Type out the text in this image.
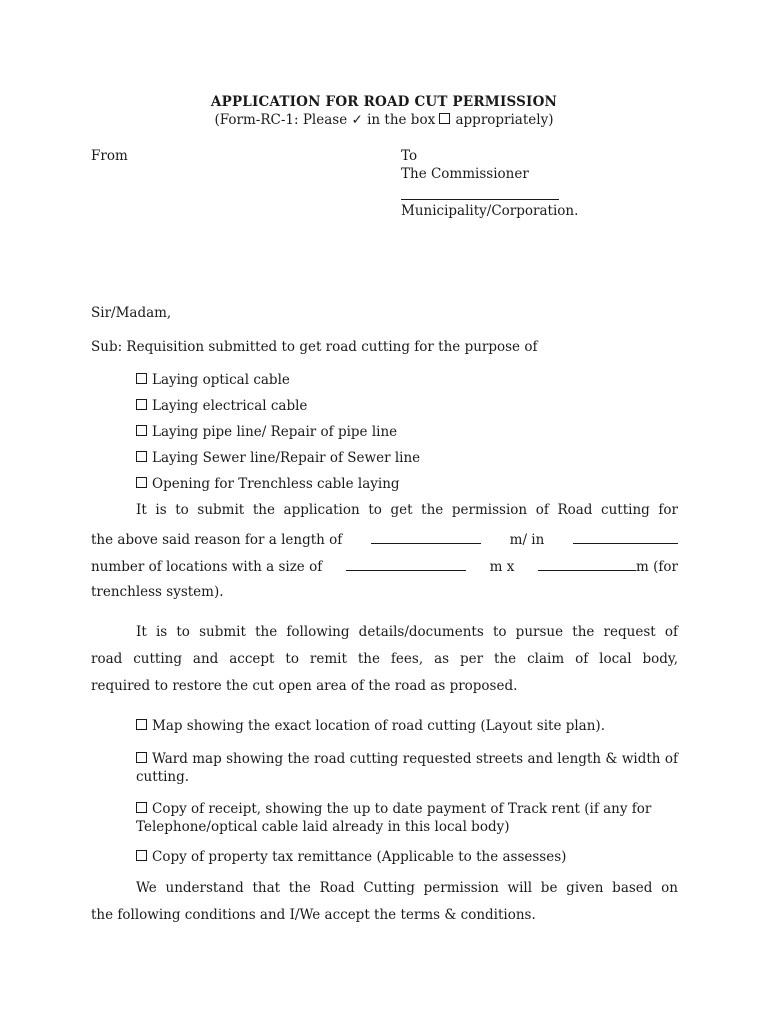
APPLICATION FOR ROAD CUT PERMISSION
(Form-RC-1: Please ✓ in the box appropriately)
From	To
The Commissioner
Municipality/Corporation.
Sir/Madam,
Sub: Requisition submitted to get road cutting for the purpose of
Laying optical cable
Laying electrical cable
Laying pipe line/ Repair of pipe line
Laying Sewer line/Repair of Sewer line
Opening for Trenchless cable laying
It is to submit the application to get the permission of Road cutting for
the above said reason for a length of	m/ in
number of locations with a size of	m x	m (for
trenchless system).
It is to submit the following details/documents to pursue the request of
road cutting and accept to remit the fees, as per the claim of local body,
required to restore the cut open area of the road as proposed.
Map showing the exact location of road cutting (Layout site plan).
Ward map showing the road cutting requested streets and length & width of cutting.
Copy of receipt, showing the up to date payment of Track rent (if any for Telephone/optical cable laid already in this local body)
Copy of property tax remittance (Applicable to the assesses)
We understand that the Road Cutting permission will be given based on
the following conditions and I/We accept the terms & conditions.
